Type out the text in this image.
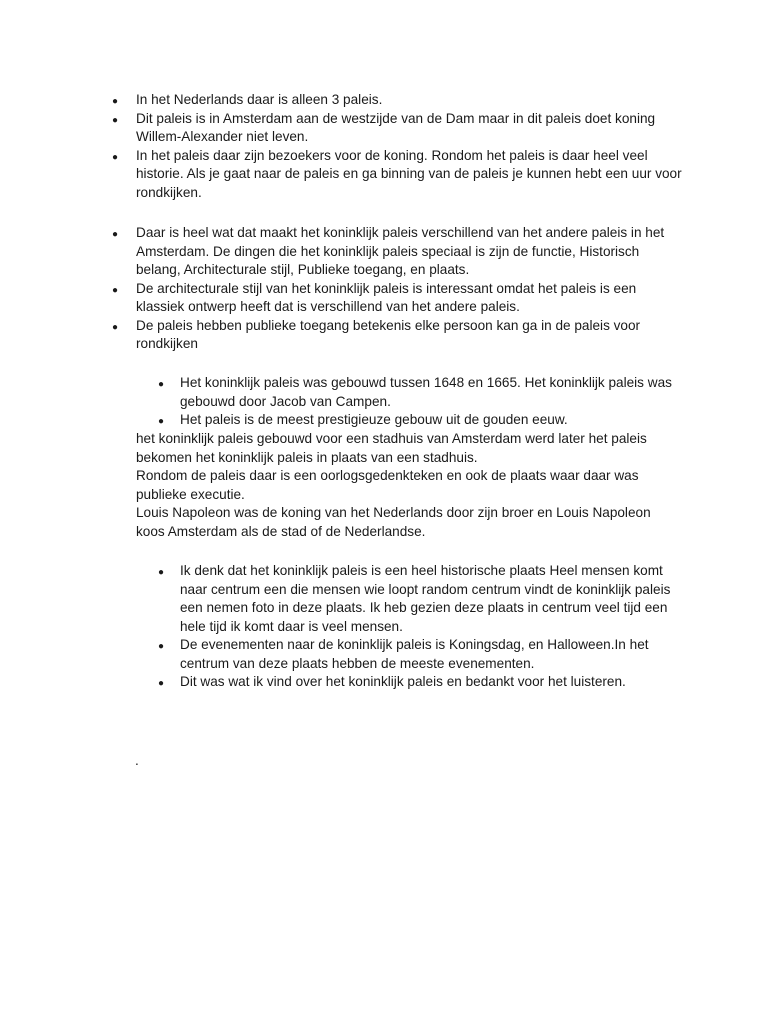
●
In het Nederlands daar is alleen 3 paleis.
●
Dit paleis is in Amsterdam aan de westzijde van de Dam maar in dit paleis doet koning Willem-Alexander niet leven.
●
In het paleis daar zijn bezoekers voor de koning. Rondom het paleis is daar heel veel historie. Als je gaat naar de paleis en ga binning van de paleis je kunnen hebt een uur voor rondkijken.
●
Daar is heel wat dat maakt het koninklijk paleis verschillend van het andere paleis in het Amsterdam. De dingen die het koninklijk paleis speciaal is zijn de functie, Historisch belang, Architecturale stijl, Publieke toegang, en plaats.
●
De architecturale stijl van het koninklijk paleis is interessant omdat het paleis is een klassiek ontwerp heeft dat is verschillend van het andere paleis.
●
De paleis hebben publieke toegang betekenis elke persoon kan ga in de paleis voor rondkijken
●
Het koninklijk paleis was gebouwd tussen 1648 en 1665. Het koninklijk paleis was gebouwd door Jacob van Campen.
●
Het paleis is de meest prestigieuze gebouw uit de gouden eeuw.

het koninklijk paleis gebouwd voor een stadhuis van Amsterdam werd later het paleis bekomen het koninklijk paleis in plaats van een stadhuis.

Rondom de paleis daar is een oorlogsgedenkteken en ook de plaats waar daar was publieke executie.

Louis Napoleon was de koning van het Nederlands door zijn broer en Louis Napoleon koos Amsterdam als de stad of de Nederlandse.

●
Ik denk dat het koninklijk paleis is een heel historische plaats Heel mensen komt naar centrum een die mensen wie loopt random centrum vindt de koninklijk paleis een nemen foto in deze plaats. Ik heb gezien deze plaats in centrum veel tijd een hele tijd ik komt daar is veel mensen.
●
De evenementen naar de koninklijk paleis is Koningsdag, en Halloween.In het centrum van deze plaats hebben de meeste evenementen.
●
Dit was wat ik vind over het koninklijk paleis en bedankt voor het luisteren.
.
